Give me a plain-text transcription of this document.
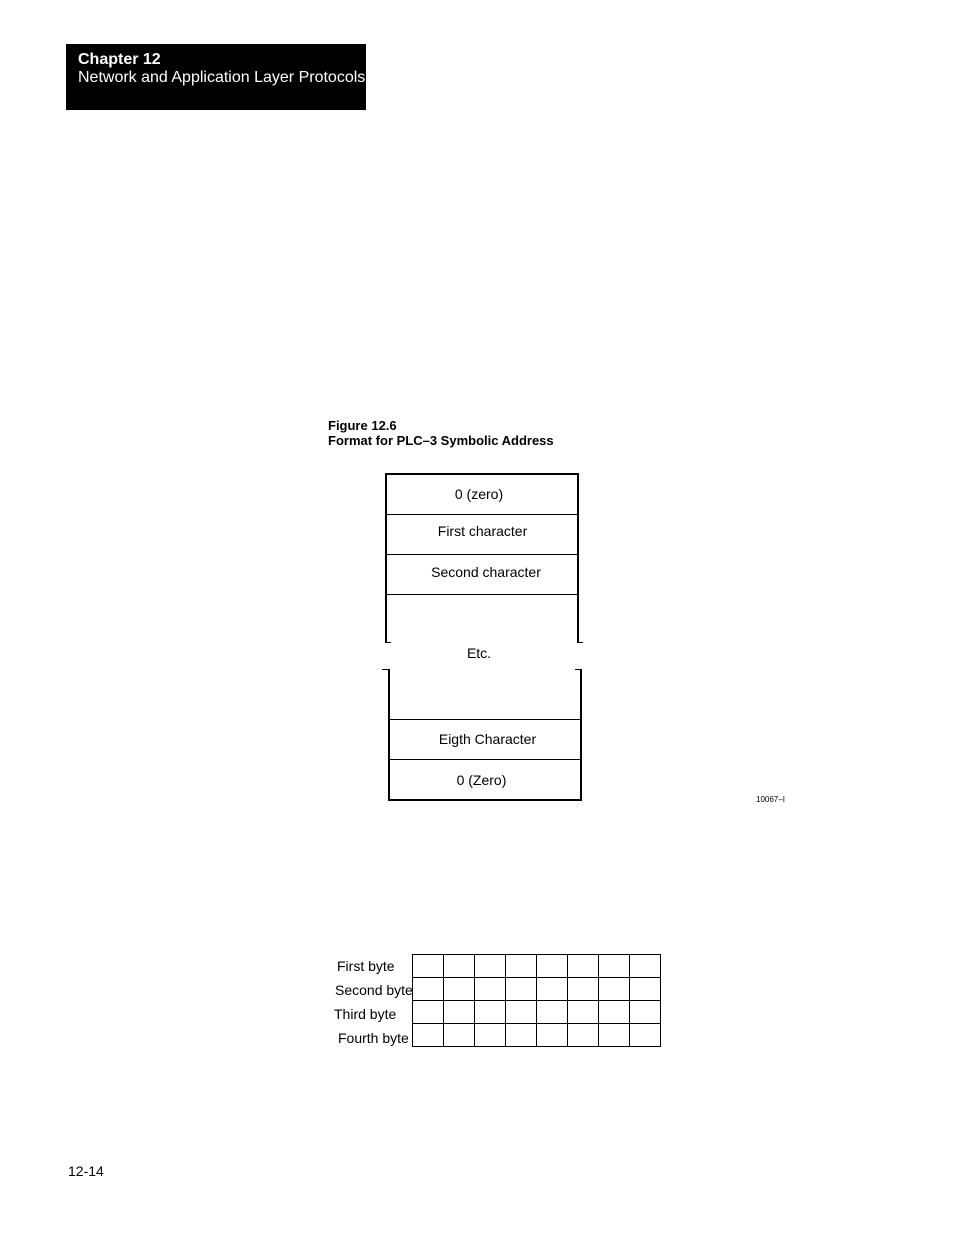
Chapter 12
Network and Application Layer Protocols
Figure 12.6
Format for PLC–3 Symbolic Address
0 (zero)
First character
Second character
Etc.
Eigth Character
0 (Zero)
10067–I
First byte
Second byte
Third byte
Fourth byte

12-14
